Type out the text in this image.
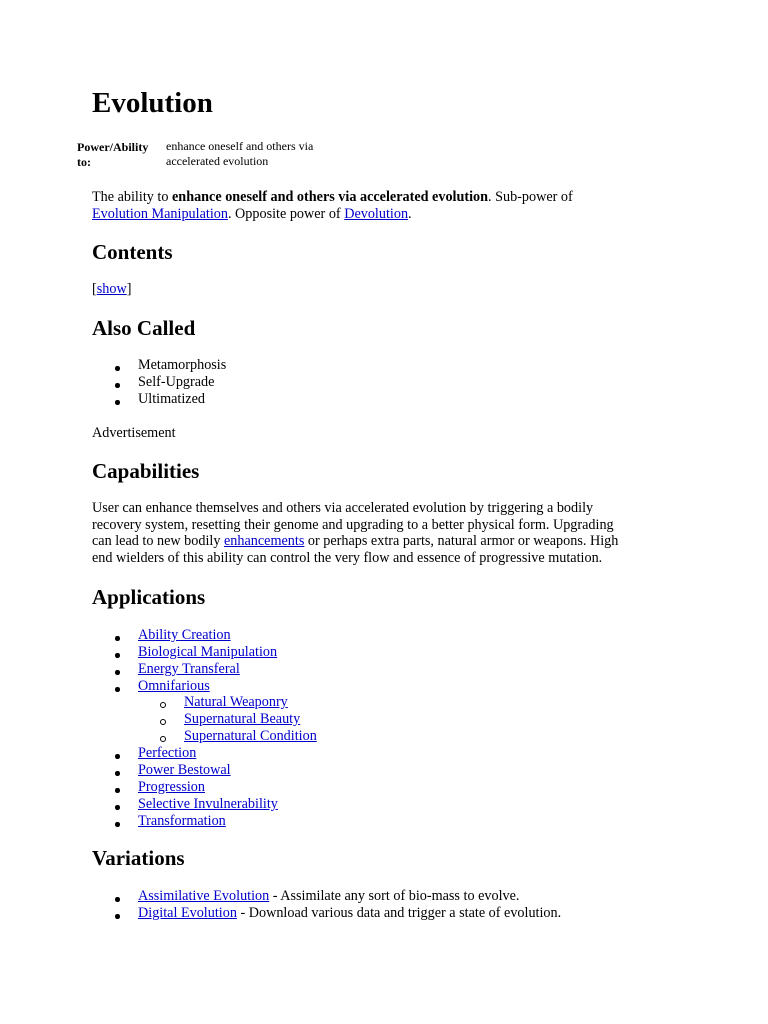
Evolution
Power/Ability to:
enhance oneself and others via accelerated evolution
The ability to enhance oneself and others via accelerated evolution. Sub-power of
Evolution Manipulation. Opposite power of Devolution.
Contents
[show]
Also Called
Metamorphosis
Self-Upgrade
Ultimatized
Advertisement
Capabilities
User can enhance themselves and others via accelerated evolution by triggering a bodily
recovery system, resetting their genome and upgrading to a better physical form. Upgrading
can lead to new bodily enhancements or perhaps extra parts, natural armor or weapons. High
end wielders of this ability can control the very flow and essence of progressive mutation.
Applications
Ability Creation
Biological Manipulation
Energy Transferal
Omnifarious
Natural Weaponry
Supernatural Beauty
Supernatural Condition
Perfection
Power Bestowal
Progression
Selective Invulnerability
Transformation
Variations
Assimilative Evolution - Assimilate any sort of bio-mass to evolve.
Digital Evolution - Download various data and trigger a state of evolution.
